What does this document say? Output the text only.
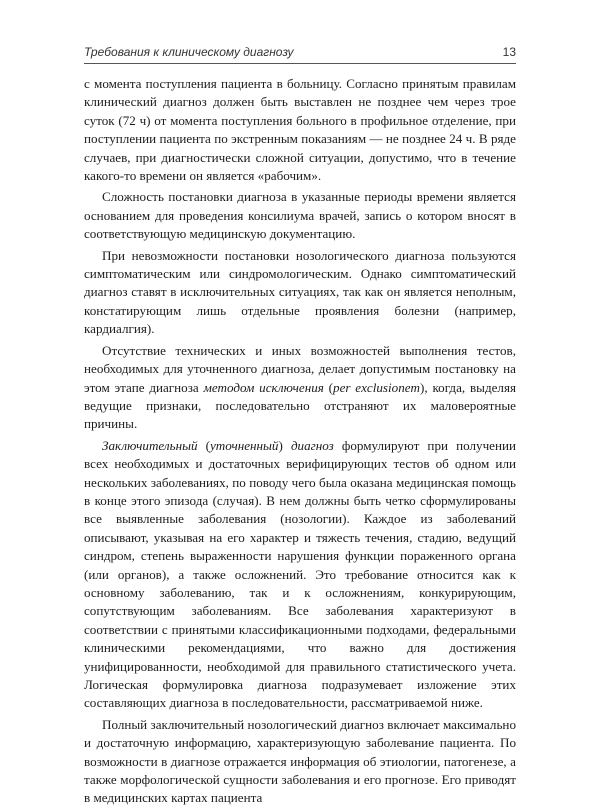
Требования к клиническому диагнозу	13

с момента поступления пациента в больницу. Согласно принятым правилам клинический диагноз должен быть выставлен не позднее чем через трое суток (72 ч) от момента поступления больного в профильное отделение, при поступлении пациента по экстренным показаниям — не позднее 24 ч. В ряде случаев, при диагностически сложной ситуации, допустимо, что в течение какого-то времени он является «рабочим».

Сложность постановки диагноза в указанные периоды времени является основанием для проведения консилиума врачей, запись о котором вносят в соответствующую медицинскую документацию.

При невозможности постановки нозологического диагноза пользуются симптоматическим или синдромологическим. Однако симптоматический диагноз ставят в исключительных ситуациях, так как он является неполным, констатирующим лишь отдельные проявления болезни (например, кардиалгия).

Отсутствие технических и иных возможностей выполнения тестов, необходимых для уточненного диагноза, делает допустимым постановку на этом этапе диагноза методом исключения (per exclusionem), когда, выделяя ведущие признаки, последовательно отстраняют их маловероятные причины.

Заключительный (уточненный) диагноз формулируют при получении всех необходимых и достаточных верифицирующих тестов об одном или нескольких заболеваниях, по поводу чего была оказана медицинская помощь в конце этого эпизода (случая). В нем должны быть четко сформулированы все выявленные заболевания (нозологии). Каждое из заболеваний описывают, указывая на его характер и тяжесть течения, стадию, ведущий синдром, степень выраженности нарушения функции пораженного органа (или органов), а также осложнений. Это требование относится как к основному заболеванию, так и к осложнениям, конкурирующим, сопутствующим заболеваниям. Все заболевания характеризуют в соответствии с принятыми классификационными подходами, федеральными клиническими рекомендациями, что важно для достижения унифицированности, необходимой для правильного статистического учета. Логическая формулировка диагноза подразумевает изложение этих составляющих диагноза в последовательности, рассматриваемой ниже.

Полный заключительный нозологический диагноз включает максимально и достаточную информацию, характеризующую заболевание пациента. По возможности в диагнозе отражается информация об этиологии, патогенезе, а также морфологической сущности заболевания и его прогнозе. Его приводят в медицинских картах пациента
